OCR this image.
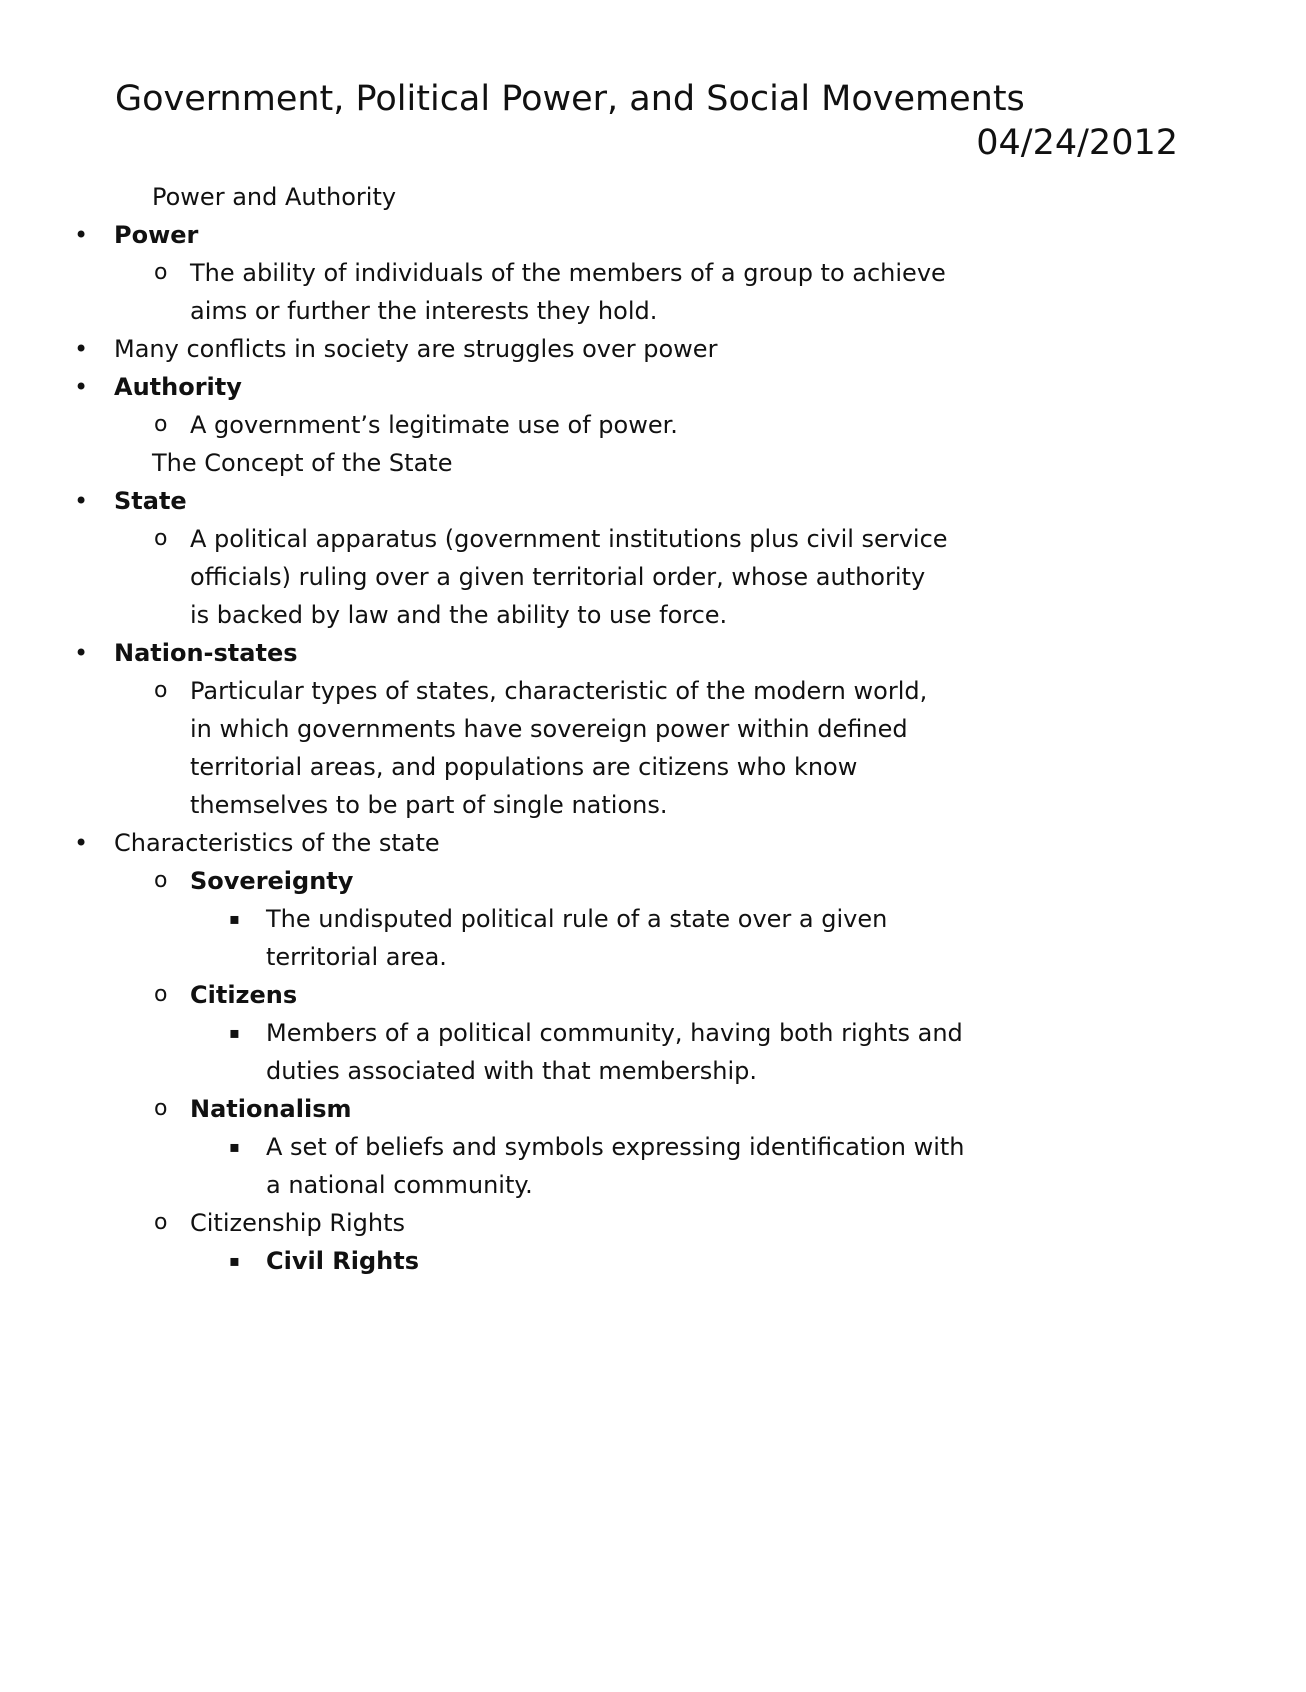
Government, Political Power, and Social Movements
04/24/2012
Power and Authority
• Power
o The ability of individuals of the members of a group to achieve aims or further the interests they hold.
• Many conflicts in society are struggles over power
• Authority
o A government’s legitimate use of power.
The Concept of the State
• State
o A political apparatus (government institutions plus civil service officials) ruling over a given territorial order, whose authority is backed by law and the ability to use force.
• Nation-states
o Particular types of states, characteristic of the modern world, in which governments have sovereign power within defined territorial areas, and populations are citizens who know themselves to be part of single nations.
• Characteristics of the state
o Sovereignty
▪ The undisputed political rule of a state over a given territorial area.
o Citizens
▪ Members of a political community, having both rights and duties associated with that membership.
o Nationalism
▪ A set of beliefs and symbols expressing identification with a national community.
o Citizenship Rights
▪ Civil Rights
